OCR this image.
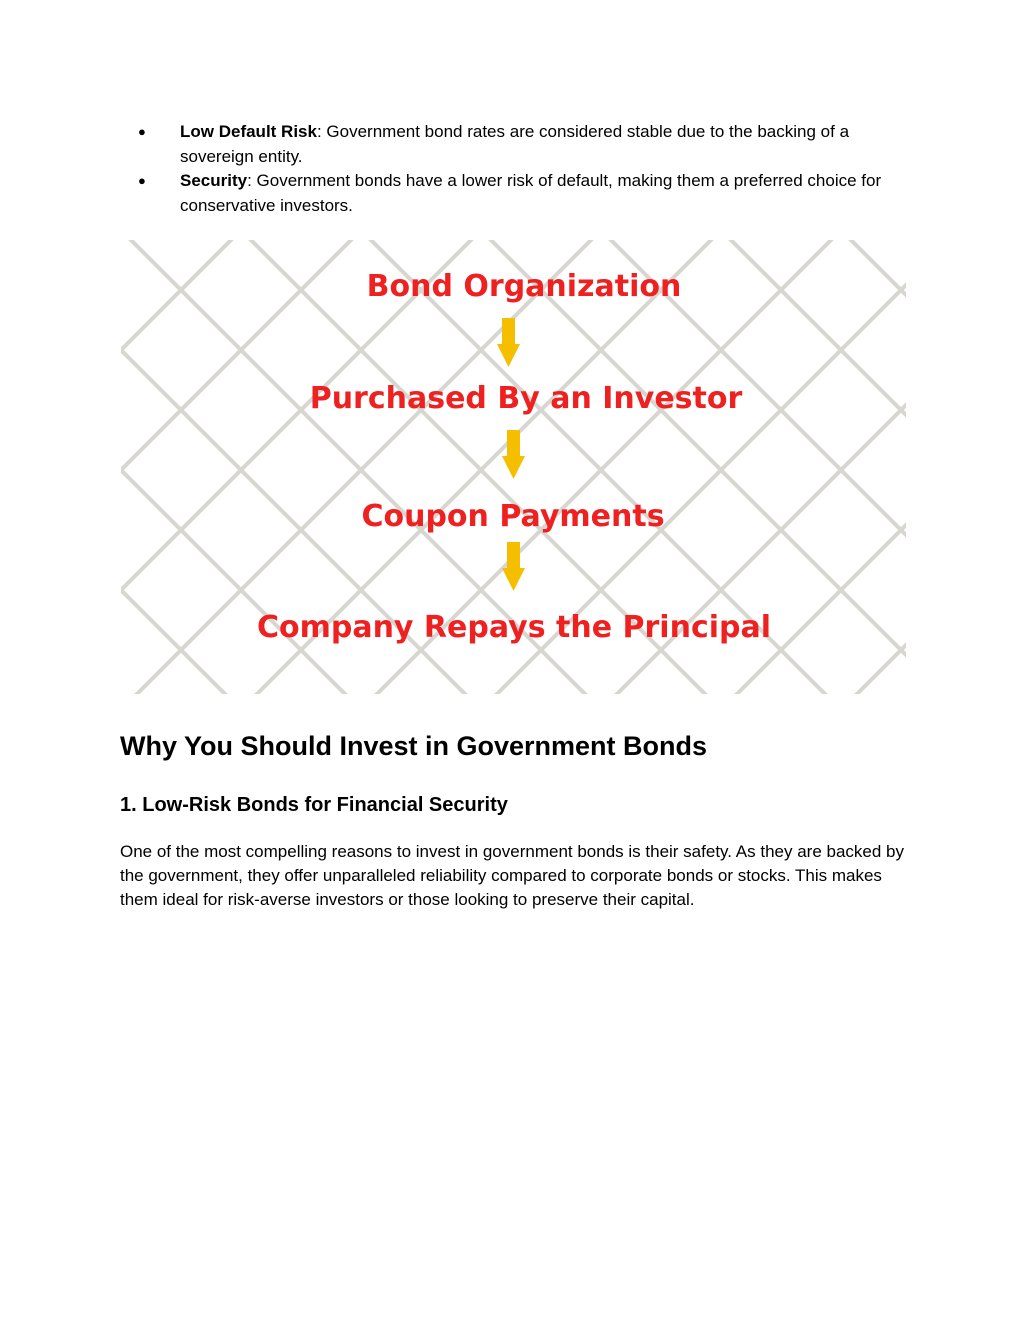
● Low Default Risk: Government bond rates are considered stable due to the backing of a sovereign entity.
● Security: Government bonds have a lower risk of default, making them a preferred choice for conservative investors.
Bond Organization
Purchased By an Investor
Coupon Payments
Company Repays the Principal
Why You Should Invest in Government Bonds
1. Low-Risk Bonds for Financial Security

One of the most compelling reasons to invest in government bonds is their safety. As they are backed by the government, they offer unparalleled reliability compared to corporate bonds or stocks. This makes them ideal for risk-averse investors or those looking to preserve their capital.
